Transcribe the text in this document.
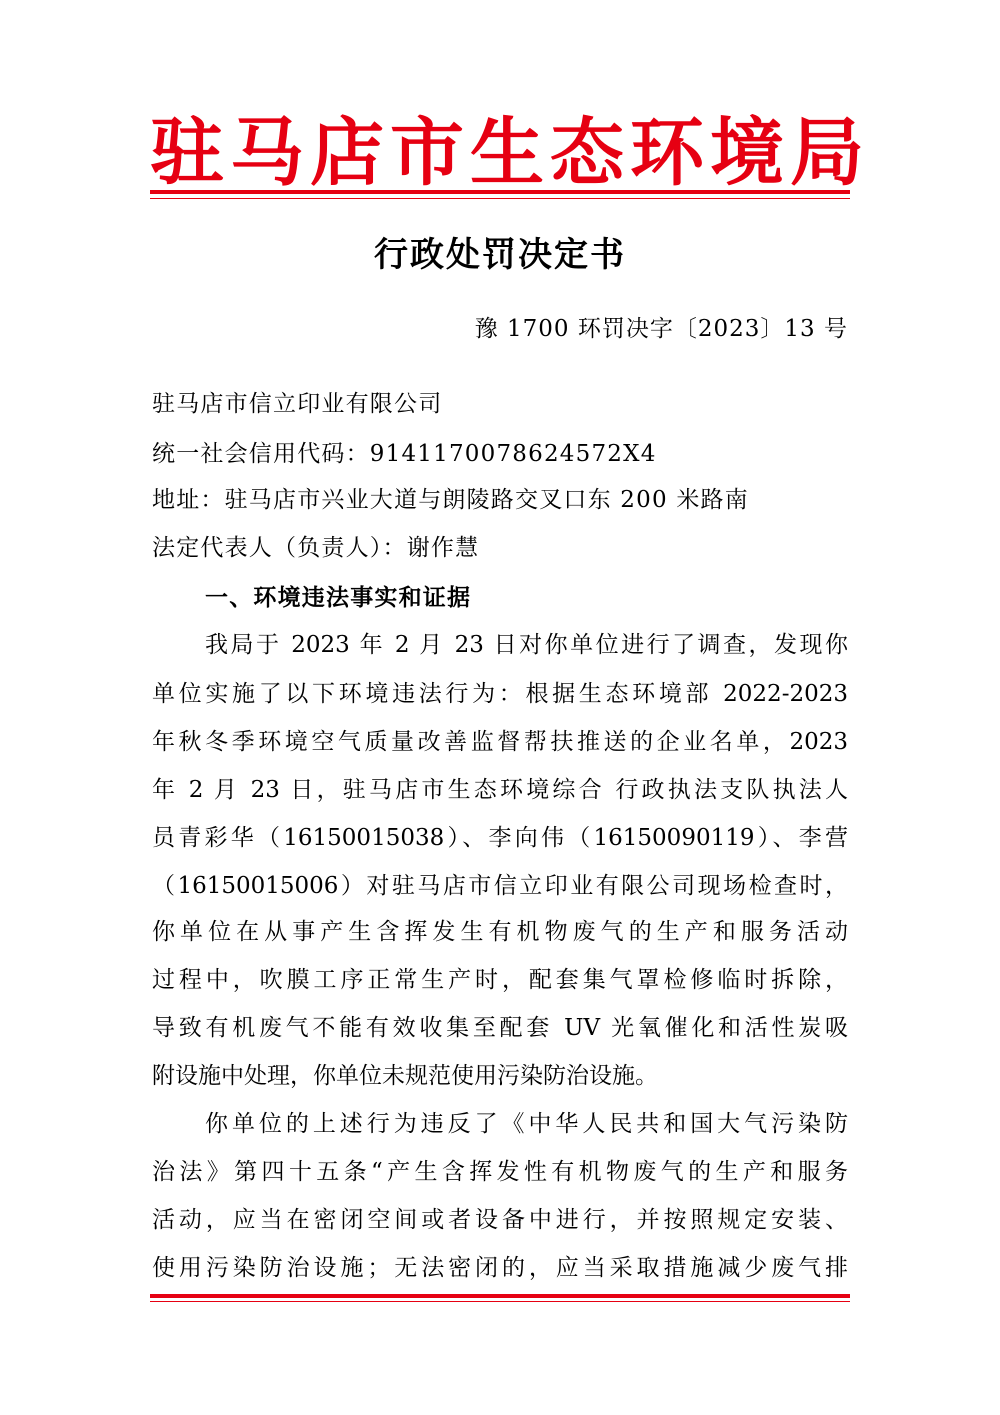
驻马店市生态环境局
行政处罚决定书
豫 1700 环罚决字〔2023〕13 号
驻马店市信立印业有限公司
统一社会信用代码：9141170078624572X4
地址：驻马店市兴业大道与朗陵路交叉口东 200 米路南
法定代表人（负责人）：谢作慧
一、环境违法事实和证据
我局于 2023 年 2 月 23 日对你单位进行了调查，发现你
单位实施了以下环境违法行为：根据生态环境部 2022-2023
年秋冬季环境空气质量改善监督帮扶推送的企业名单，2023
年 2 月 23 日，驻马店市生态环境综合 行政执法支队执法人
员青彩华（16150015038）、李向伟（16150090119）、李营
（16150015006）对驻马店市信立印业有限公司现场检查时，
你单位在从事产生含挥发生有机物废气的生产和服务活动
过程中，吹膜工序正常生产时，配套集气罩检修临时拆除，
导致有机废气不能有效收集至配套 UV 光氧催化和活性炭吸
附设施中处理，你单位未规范使用污染防治设施。
你单位的上述行为违反了《中华人民共和国大气污染防
治法》第四十五条“产生含挥发性有机物废气的生产和服务
活动，应当在密闭空间或者设备中进行，并按照规定安装、
使用污染防治设施；无法密闭的，应当采取措施减少废气排
